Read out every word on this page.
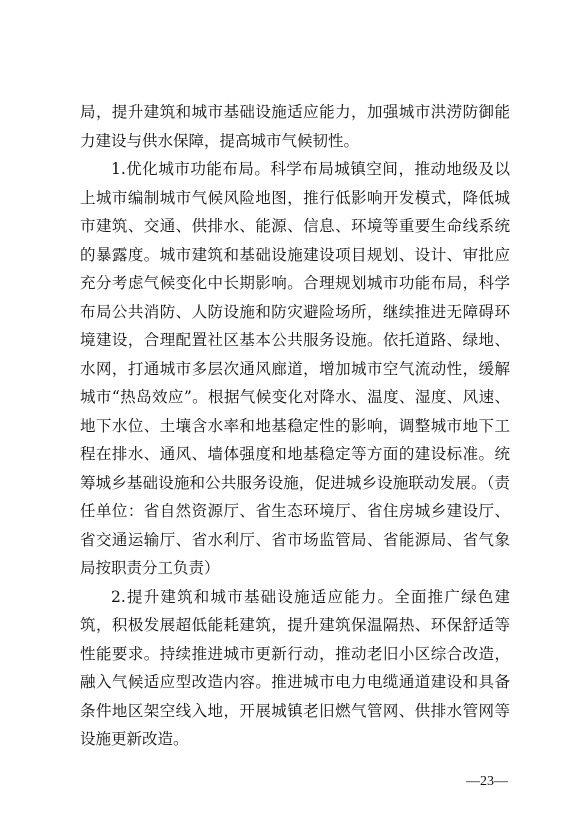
局，提升建筑和城市基础设施适应能力，加强城市洪涝防御能力建设与供水保障，提高城市气候韧性。

1.优化城市功能布局。科学布局城镇空间，推动地级及以上城市编制城市气候风险地图，推行低影响开发模式，降低城市建筑、交通、供排水、能源、信息、环境等重要生命线系统的暴露度。城市建筑和基础设施建设项目规划、设计、审批应充分考虑气候变化中长期影响。合理规划城市功能布局，科学布局公共消防、人防设施和防灾避险场所，继续推进无障碍环境建设，合理配置社区基本公共服务设施。依托道路、绿地、水网，打通城市多层次通风廊道，增加城市空气流动性，缓解城市“热岛效应”。根据气候变化对降水、温度、湿度、风速、地下水位、土壤含水率和地基稳定性的影响，调整城市地下工程在排水、通风、墙体强度和地基稳定等方面的建设标准。统筹城乡基础设施和公共服务设施，促进城乡设施联动发展。（责任单位：省自然资源厅、省生态环境厅、省住房城乡建设厅、省交通运输厅、省水利厅、省市场监管局、省能源局、省气象局按职责分工负责）

2.提升建筑和城市基础设施适应能力。全面推广绿色建筑，积极发展超低能耗建筑，提升建筑保温隔热、环保舒适等性能要求。持续推进城市更新行动，推动老旧小区综合改造，融入气候适应型改造内容。推进城市电力电缆通道建设和具备条件地区架空线入地，开展城镇老旧燃气管网、供排水管网等设施更新改造。

—23—
